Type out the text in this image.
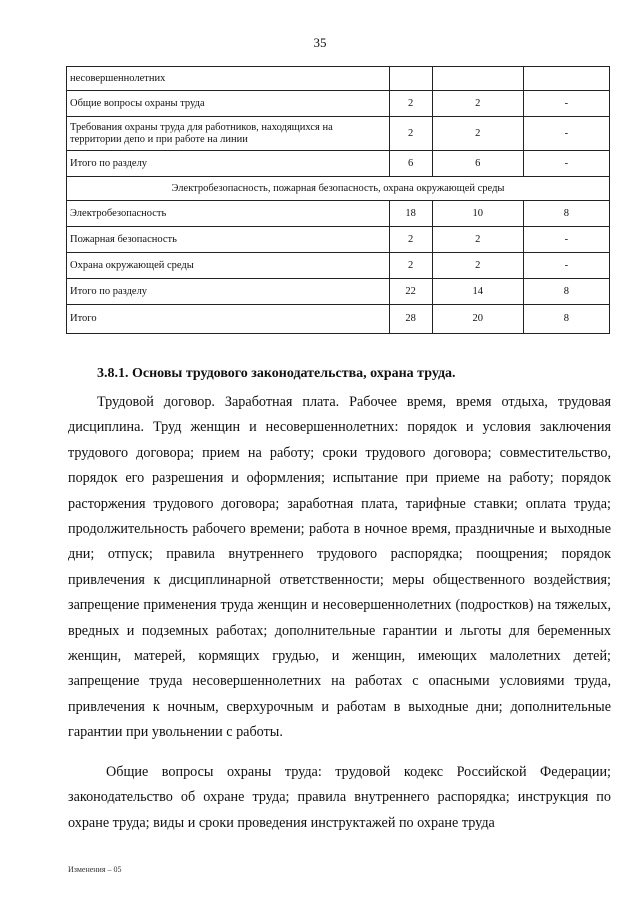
35
несовершеннолетних			
Общие вопросы охраны труда	2	2	-
Требования охраны труда для работников, находящихся на территории депо и при работе на линии	2	2	-
Итого по разделу	6	6	-
Электробезопасность, пожарная безопасность, охрана окружающей среды			
Электробезопасность	18	10	8
Пожарная безопасность	2	2	-
Охрана окружающей среды	2	2	-
Итого по разделу	22	14	8
Итого	28	20	8
3.8.1. Основы трудового законодательства, охрана труда.

Трудовой договор. Заработная плата. Рабочее время, время отдыха, трудовая дисциплина. Труд женщин и несовершеннолетних: порядок и условия заключения трудового договора; прием на работу; сроки трудового договора; совместительство, порядок его разрешения и оформления; испытание при приеме на работу; порядок расторжения трудового договора; заработная плата, тарифные ставки; оплата труда; продолжительность рабочего времени; работа в ночное время, праздничные и выходные дни; отпуск; правила внутреннего трудового распорядка; поощрения; порядок привлечения к дисциплинарной ответственности; меры общественного воздействия; запрещение применения труда женщин и несовершеннолетних (подростков) на тяжелых, вредных и подземных работах; дополнительные гарантии и льготы для беременных женщин, матерей, кормящих грудью, и женщин, имеющих малолетних детей; запрещение труда несовершеннолетних на работах с опасными условиями труда, привлечения к ночным, сверхурочным и работам в выходные дни; дополнительные гарантии при увольнении с работы.

Общие вопросы охраны труда: трудовой кодекс Российской Федерации; законодательство об охране труда; правила внутреннего распорядка; инструкция по охране труда; виды и сроки проведения инструктажей по охране труда

Изменения – 05
